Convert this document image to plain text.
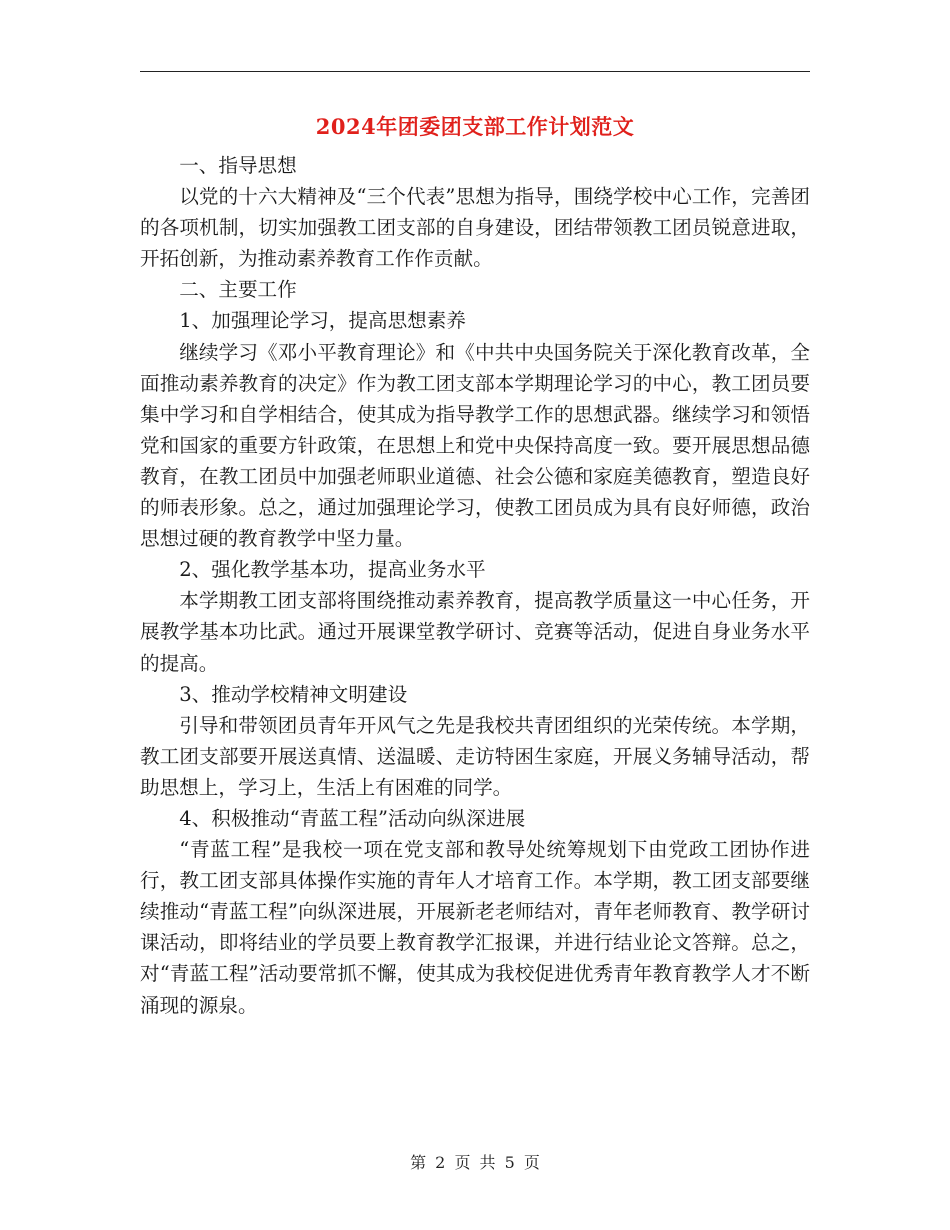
2024年团委团支部工作计划范文

一、指导思想

以党的十六大精神及“三个代表”思想为指导，围绕学校中心工作，完善团的各项机制，切实加强教工团支部的自身建设，团结带领教工团员锐意进取，开拓创新，为推动素养教育工作作贡献。

二、主要工作

1、加强理论学习，提高思想素养

继续学习《邓小平教育理论》和《中共中央国务院关于深化教育改革，全面推动素养教育的决定》作为教工团支部本学期理论学习的中心，教工团员要集中学习和自学相结合，使其成为指导教学工作的思想武器。继续学习和领悟党和国家的重要方针政策，在思想上和党中央保持高度一致。要开展思想品德教育，在教工团员中加强老师职业道德、社会公德和家庭美德教育，塑造良好的师表形象。总之，通过加强理论学习，使教工团员成为具有良好师德，政治思想过硬的教育教学中坚力量。

2、强化教学基本功，提高业务水平

本学期教工团支部将围绕推动素养教育，提高教学质量这一中心任务，开展教学基本功比武。通过开展课堂教学研讨、竞赛等活动，促进自身业务水平的提高。

3、推动学校精神文明建设

引导和带领团员青年开风气之先是我校共青团组织的光荣传统。本学期，教工团支部要开展送真情、送温暖、走访特困生家庭，开展义务辅导活动，帮助思想上，学习上，生活上有困难的同学。

4、积极推动“青蓝工程”活动向纵深进展

“青蓝工程”是我校一项在党支部和教导处统筹规划下由党政工团协作进行，教工团支部具体操作实施的青年人才培育工作。本学期，教工团支部要继续推动“青蓝工程”向纵深进展，开展新老老师结对，青年老师教育、教学研讨课活动，即将结业的学员要上教育教学汇报课，并进行结业论文答辩。总之，对“青蓝工程”活动要常抓不懈，使其成为我校促进优秀青年教育教学人才不断涌现的源泉。

第 2 页 共 5 页
